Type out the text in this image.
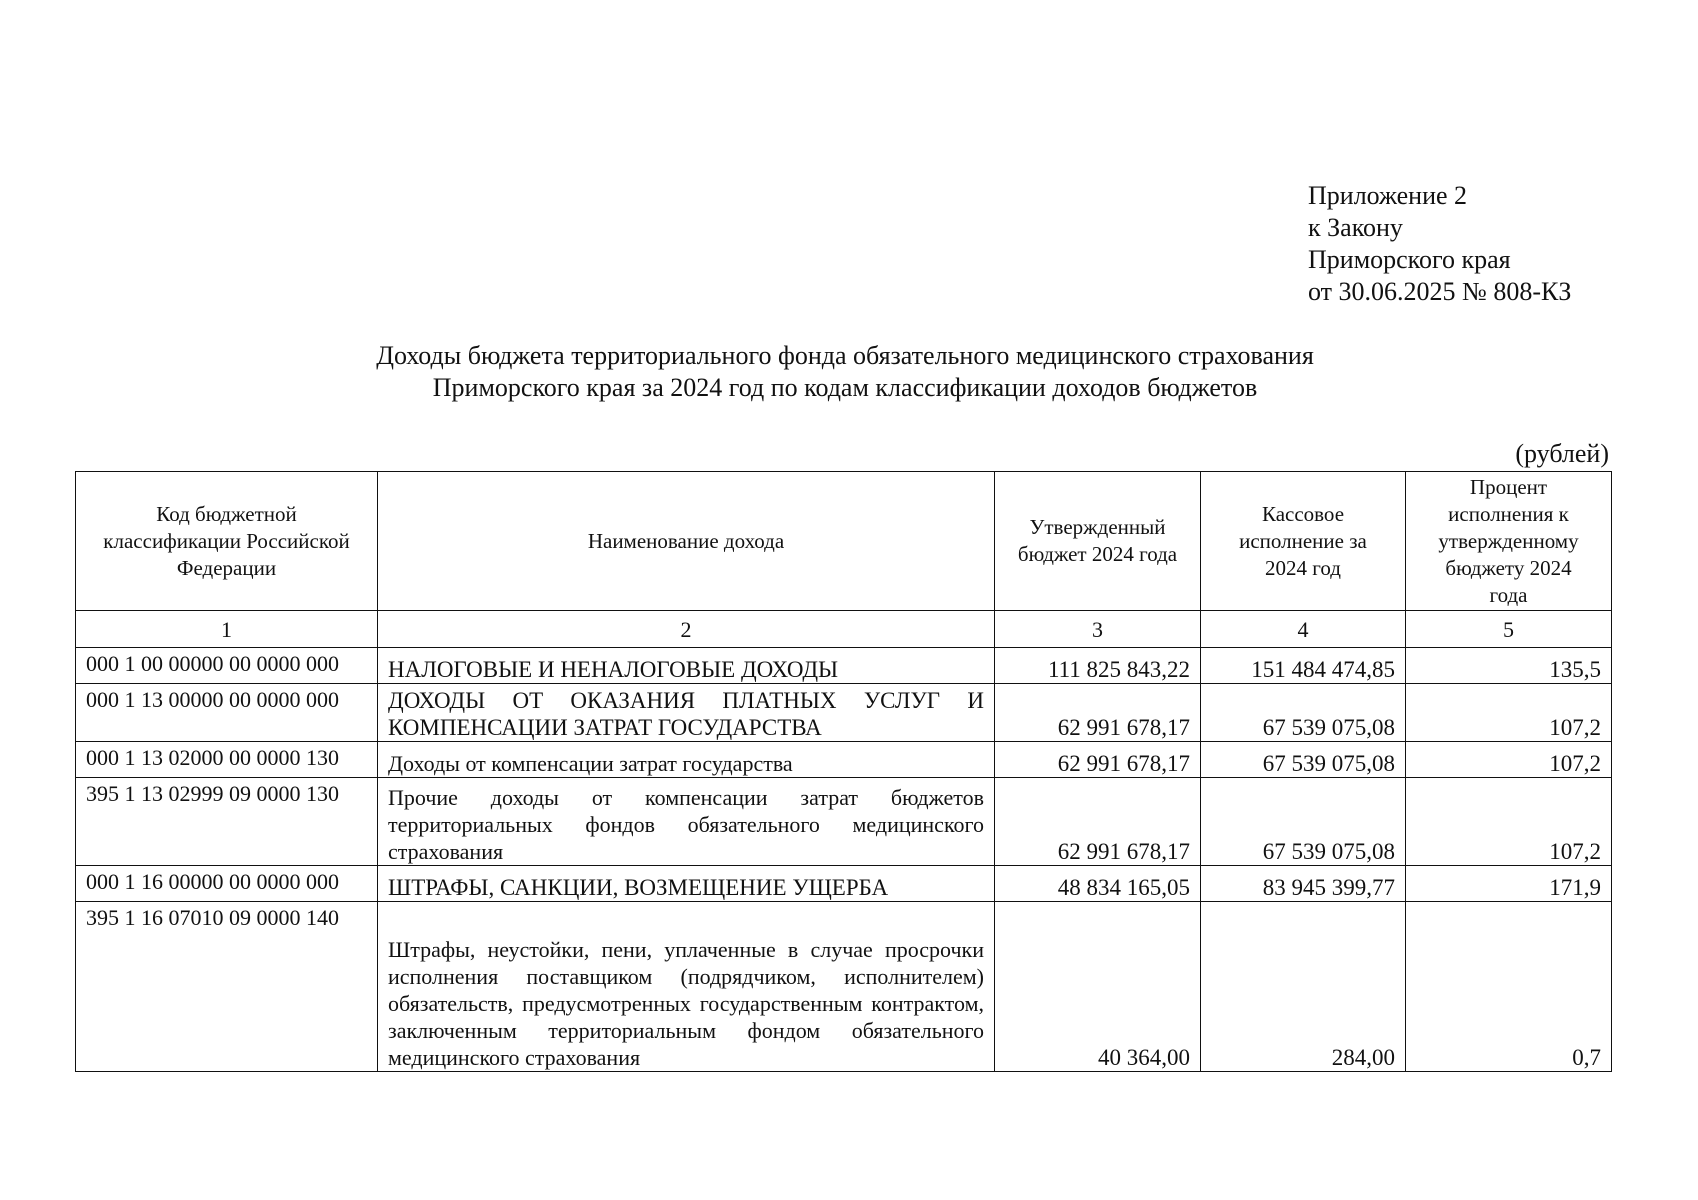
Приложение 2
к Закону
Приморского края
от 30.06.2025 № 808-КЗ
Доходы бюджета территориального фонда обязательного медицинского страхования
Приморского края за 2024 год по кодам классификации доходов бюджетов
(рублей)
Код бюджетной классификации Российской Федерации	Наименование дохода	Утвержденный бюджет 2024 года	Кассовое исполнение за 2024 год	Процент исполнения к утвержденному бюджету 2024 года
1	2	3	4	5
000 1 00 00000 00 0000 000	НАЛОГОВЫЕ И НЕНАЛОГОВЫЕ ДОХОДЫ	111 825 843,22	151 484 474,85	135,5
000 1 13 00000 00 0000 000	ДОХОДЫ ОТ ОКАЗАНИЯ ПЛАТНЫХ УСЛУГ И КОМПЕНСАЦИИ ЗАТРАТ ГОСУДАРСТВА	62 991 678,17	67 539 075,08	107,2
000 1 13 02000 00 0000 130	Доходы от компенсации затрат государства	62 991 678,17	67 539 075,08	107,2
395 1 13 02999 09 0000 130	Прочие доходы от компенсации затрат бюджетов территориальных фондов обязательного медицинского страхования	62 991 678,17	67 539 075,08	107,2
000 1 16 00000 00 0000 000	ШТРАФЫ, САНКЦИИ, ВОЗМЕЩЕНИЕ УЩЕРБА	48 834 165,05	83 945 399,77	171,9
395 1 16 07010 09 0000 140	Штрафы, неустойки, пени, уплаченные в случае просрочки исполнения поставщиком (подрядчиком, исполнителем) обязательств, предусмотренных государственным контрактом, заключенным территориальным фондом обязательного медицинского страхования	40 364,00	284,00	0,7
